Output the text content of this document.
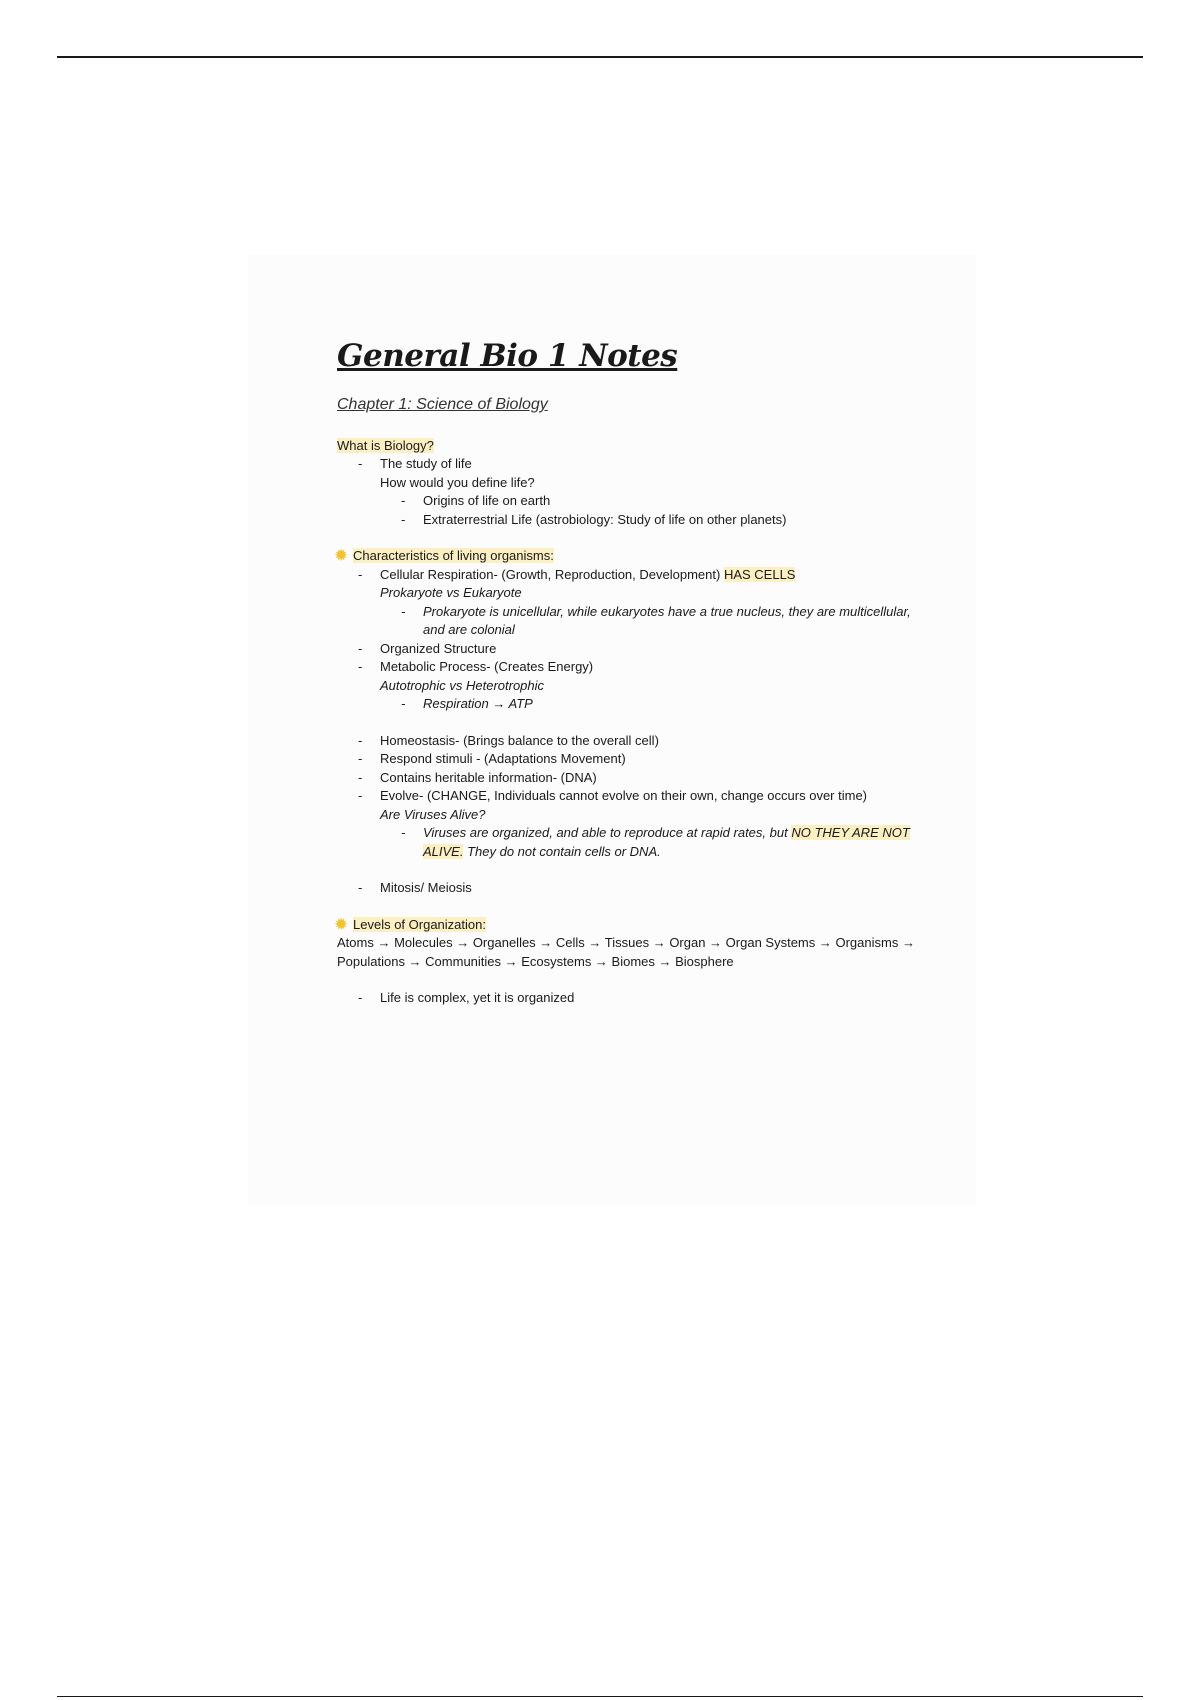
General Bio 1 Notes
Chapter 1: Science of Biology
What is Biology?
- The study of life
How would you define life?
- Origins of life on earth
- Extraterrestrial Life (astrobiology: Study of life on other planets)
✹ Characteristics of living organisms:
- Cellular Respiration- (Growth, Reproduction, Development) HAS CELLS
Prokaryote vs Eukaryote
- Prokaryote is unicellular, while eukaryotes have a true nucleus, they are multicellular, and are colonial
- Organized Structure
- Metabolic Process- (Creates Energy)
Autotrophic vs Heterotrophic
- Respiration → ATP
- Homeostasis- (Brings balance to the overall cell)
- Respond stimuli - (Adaptations Movement)
- Contains heritable information- (DNA)
- Evolve- (CHANGE, Individuals cannot evolve on their own, change occurs over time)
Are Viruses Alive?
- Viruses are organized, and able to reproduce at rapid rates, but NO THEY ARE NOT ALIVE. They do not contain cells or DNA.
- Mitosis/ Meiosis
✹ Levels of Organization:
Atoms → Molecules → Organelles → Cells → Tissues → Organ → Organ Systems → Organisms → Populations → Communities → Ecosystems → Biomes → Biosphere
- Life is complex, yet it is organized
